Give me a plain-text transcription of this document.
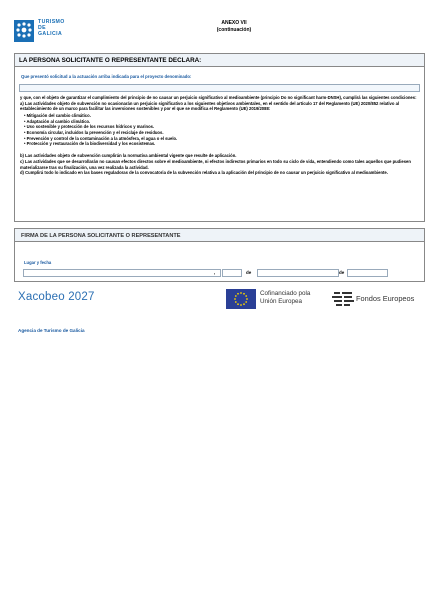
TURISMO
DE
GALICIA
ANEXO VII
(continuación)
LA PERSONA SOLICITANTE O REPRESENTANTE DECLARA:
Que presentó solicitud a la actuación arriba indicada para el proyecto denominado:

y que, con el objeto de garantizar el cumplimiento del principio de no causar un perjuicio significativo al medioambiente (principio Do no significant harm-DNSH), cumplirá las siguientes condiciones:

a) Las actividades objeto de subvención no ocasionarán un perjuicio significativo a los siguientes objetivos ambientales, en el sentido del artículo 17 del Reglamento (UE) 2020/852 relativo al establecimiento de un marco para facilitar las inversiones sostenibles y por el que se modifica el Reglamento (UE) 2019/2088:

• Mitigación del cambio climático.
• Adaptación al cambio climático.
• Uso sostenible y protección de los recursos hídricos y marinos.
• Economía circular, incluidos la prevención y el reciclaje de residuos.
• Prevención y control de la contaminación a la atmósfera, el agua o el suelo.
• Protección y restauración de la biodiversidad y los ecosistemas.

b) Las actividades objeto de subvención cumplirán la normativa ambiental vigente que resulte de aplicación.

c) Las actividades que se desarrollarán no causan efectos directos sobre el medioambiente, ni efectos indirectos primarios en todo su ciclo de vida, entendiendo como tales aquellos que pudiesen materializarse tras su finalización, una vez realizada la actividad.

d) Cumplirá todo lo indicado en las bases reguladoras de la convocatoria de la subvención relativa a la aplicación del principio de no causar un perjuicio significativo al medioambiente.

FIRMA DE LA PERSONA SOLICITANTE O REPRESENTANTE
Lugar y fecha
,	de	de
Xacobeo 2027	Cofinanciado pola
Unión Europea	Fondos Europeos
Agencia de Turismo de Galicia
